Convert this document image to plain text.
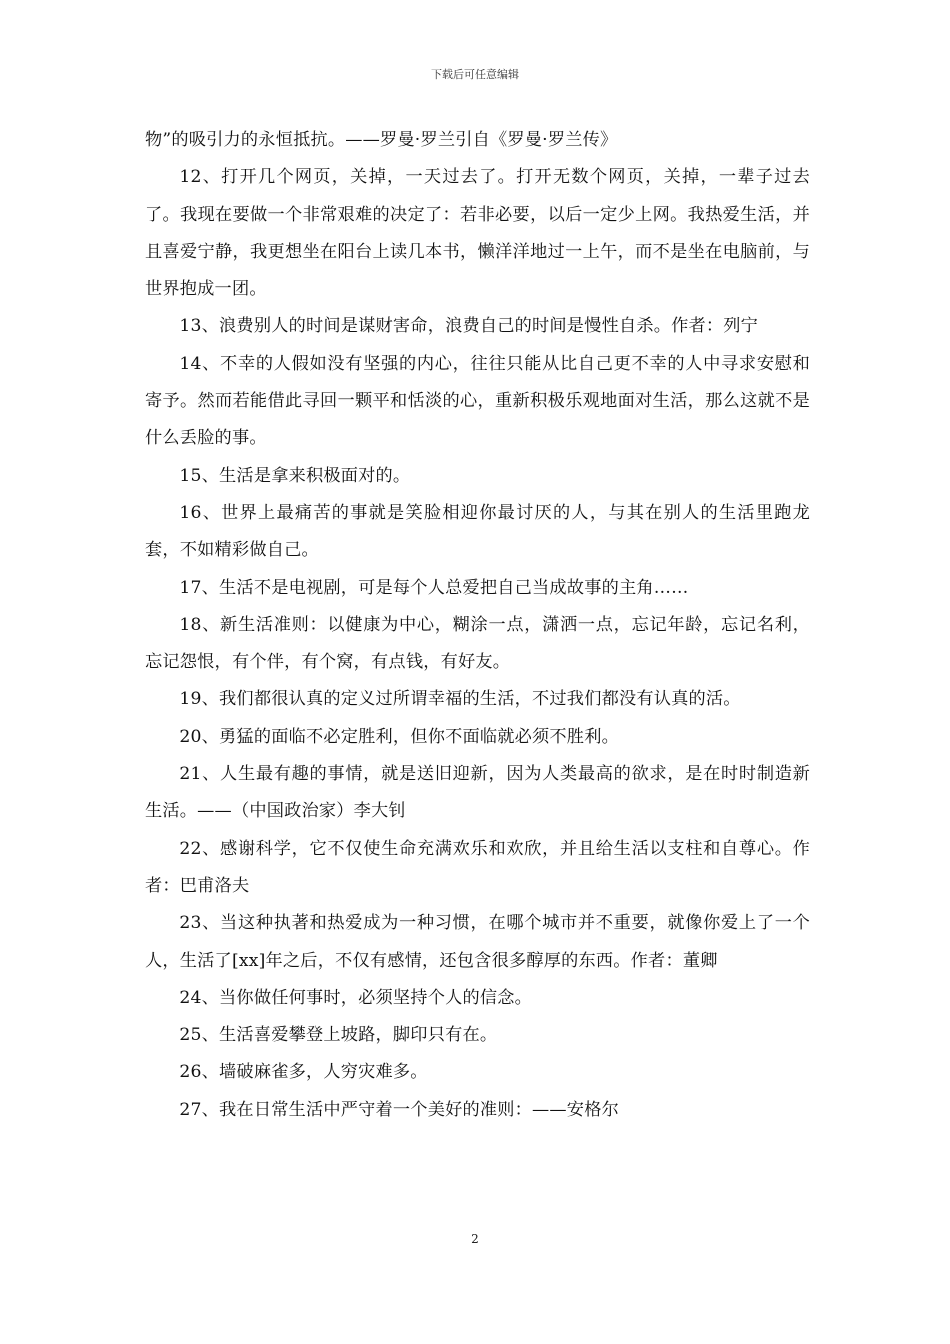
下载后可任意编辑

物”的吸引力的永恒抵抗。——罗曼·罗兰引自《罗曼·罗兰传》

12、打开几个网页，关掉，一天过去了。打开无数个网页，关掉，一辈子过去了。我现在要做一个非常艰难的决定了：若非必要，以后一定少上网。我热爱生活，并且喜爱宁静，我更想坐在阳台上读几本书，懒洋洋地过一上午，而不是坐在电脑前，与世界抱成一团。

13、浪费别人的时间是谋财害命，浪费自己的时间是慢性自杀。作者：列宁

14、不幸的人假如没有坚强的内心，往往只能从比自己更不幸的人中寻求安慰和寄予。然而若能借此寻回一颗平和恬淡的心，重新积极乐观地面对生活，那么这就不是什么丢脸的事。

15、生活是拿来积极面对的。

16、世界上最痛苦的事就是笑脸相迎你最讨厌的人，与其在别人的生活里跑龙套，不如精彩做自己。

17、生活不是电视剧，可是每个人总爱把自己当成故事的主角……

18、新生活准则：以健康为中心，糊涂一点，潇洒一点，忘记年龄，忘记名利，忘记怨恨，有个伴，有个窝，有点钱，有好友。

19、我们都很认真的定义过所谓幸福的生活，不过我们都没有认真的活。

20、勇猛的面临不必定胜利，但你不面临就必须不胜利。

21、人生最有趣的事情，就是送旧迎新，因为人类最高的欲求，是在时时制造新生活。——（中国政治家）李大钊

22、感谢科学，它不仅使生命充满欢乐和欢欣，并且给生活以支柱和自尊心。作者：巴甫洛夫

23、当这种执著和热爱成为一种习惯，在哪个城市并不重要，就像你爱上了一个人，生活了[xx]年之后，不仅有感情，还包含很多醇厚的东西。作者：董卿

24、当你做任何事时，必须坚持个人的信念。

25、生活喜爱攀登上坡路，脚印只有在。

26、墙破麻雀多，人穷灾难多。

27、我在日常生活中严守着一个美好的准则：——安格尔

2
